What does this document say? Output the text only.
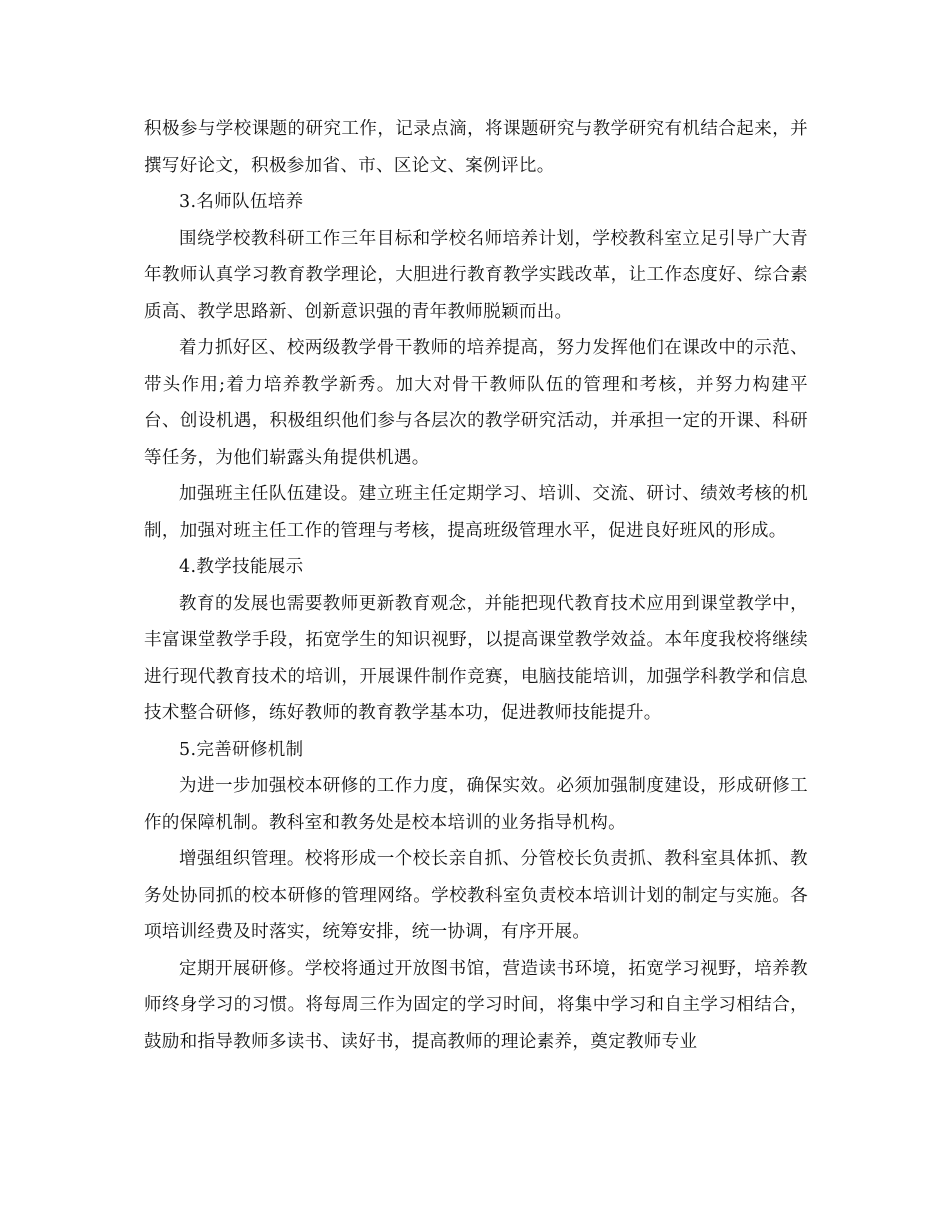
积极参与学校课题的研究工作，记录点滴，将课题研究与教学研究有机结合起来，并撰写好论文，积极参加省、市、区论文、案例评比。

3.名师队伍培养

围绕学校教科研工作三年目标和学校名师培养计划，学校教科室立足引导广大青年教师认真学习教育教学理论，大胆进行教育教学实践改革，让工作态度好、综合素质高、教学思路新、创新意识强的青年教师脱颖而出。

着力抓好区、校两级教学骨干教师的培养提高，努力发挥他们在课改中的示范、带头作用;着力培养教学新秀。加大对骨干教师队伍的管理和考核，并努力构建平台、创设机遇，积极组织他们参与各层次的教学研究活动，并承担一定的开课、科研等任务，为他们崭露头角提供机遇。

加强班主任队伍建设。建立班主任定期学习、培训、交流、研讨、绩效考核的机制，加强对班主任工作的管理与考核，提高班级管理水平，促进良好班风的形成。

4.教学技能展示

教育的发展也需要教师更新教育观念，并能把现代教育技术应用到课堂教学中，丰富课堂教学手段，拓宽学生的知识视野，以提高课堂教学效益。本年度我校将继续进行现代教育技术的培训，开展课件制作竞赛，电脑技能培训，加强学科教学和信息技术整合研修，练好教师的教育教学基本功，促进教师技能提升。

5.完善研修机制

为进一步加强校本研修的工作力度，确保实效。必须加强制度建设，形成研修工作的保障机制。教科室和教务处是校本培训的业务指导机构。

增强组织管理。校将形成一个校长亲自抓、分管校长负责抓、教科室具体抓、教务处协同抓的校本研修的管理网络。学校教科室负责校本培训计划的制定与实施。各项培训经费及时落实，统筹安排，统一协调，有序开展。

定期开展研修。学校将通过开放图书馆，营造读书环境，拓宽学习视野，培养教师终身学习的习惯。将每周三作为固定的学习时间，将集中学习和自主学习相结合，鼓励和指导教师多读书、读好书，提高教师的理论素养，奠定教师专业
